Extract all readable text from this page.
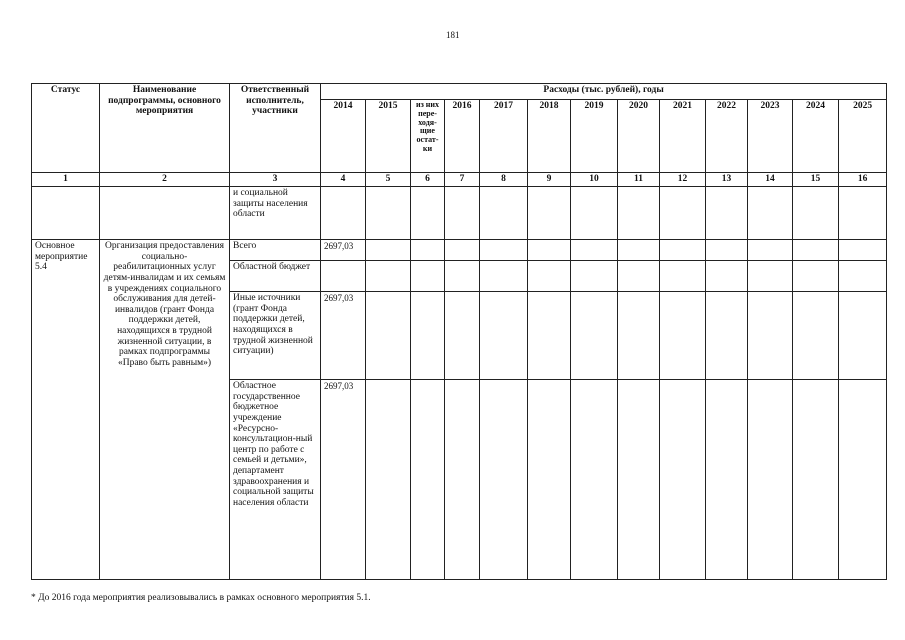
181
Статус	Наименование подпрограммы, основного мероприятия	Ответственный исполнитель, участники	Расходы (тыс. рублей), годы												
			2014	2015	из них пере-ходя-щие остат-ки	2016	2017	2018	2019	2020	2021	2022	2023	2024	2025
1	2	3	4	5	6	7	8	9	10	11	12	13	14	15	16
		и социальной защиты населения области													
Основное мероприятие 5.4	Организация предоставления социально-реабилитационных услуг детям-инвалидам и их семьям в учреждениях социального обслуживания для детей-инвалидов (грант Фонда поддержки детей, находящихся в трудной жизненной ситуации, в рамках подпрограммы «Право быть равным»)	Всего	2697,03												
		Областной бюджет													
		Иные источники (грант Фонда поддержки детей, находящихся в трудной жизненной ситуации)	2697,03												
		Областное государственное бюджетное учреждение «Ресурсно-консультацион-ный центр по работе с семьей и детьми», департамент здравоохранения и социальной защиты населения области	2697,03												
* До 2016 года мероприятия реализовывались в рамках основного мероприятия 5.1.
